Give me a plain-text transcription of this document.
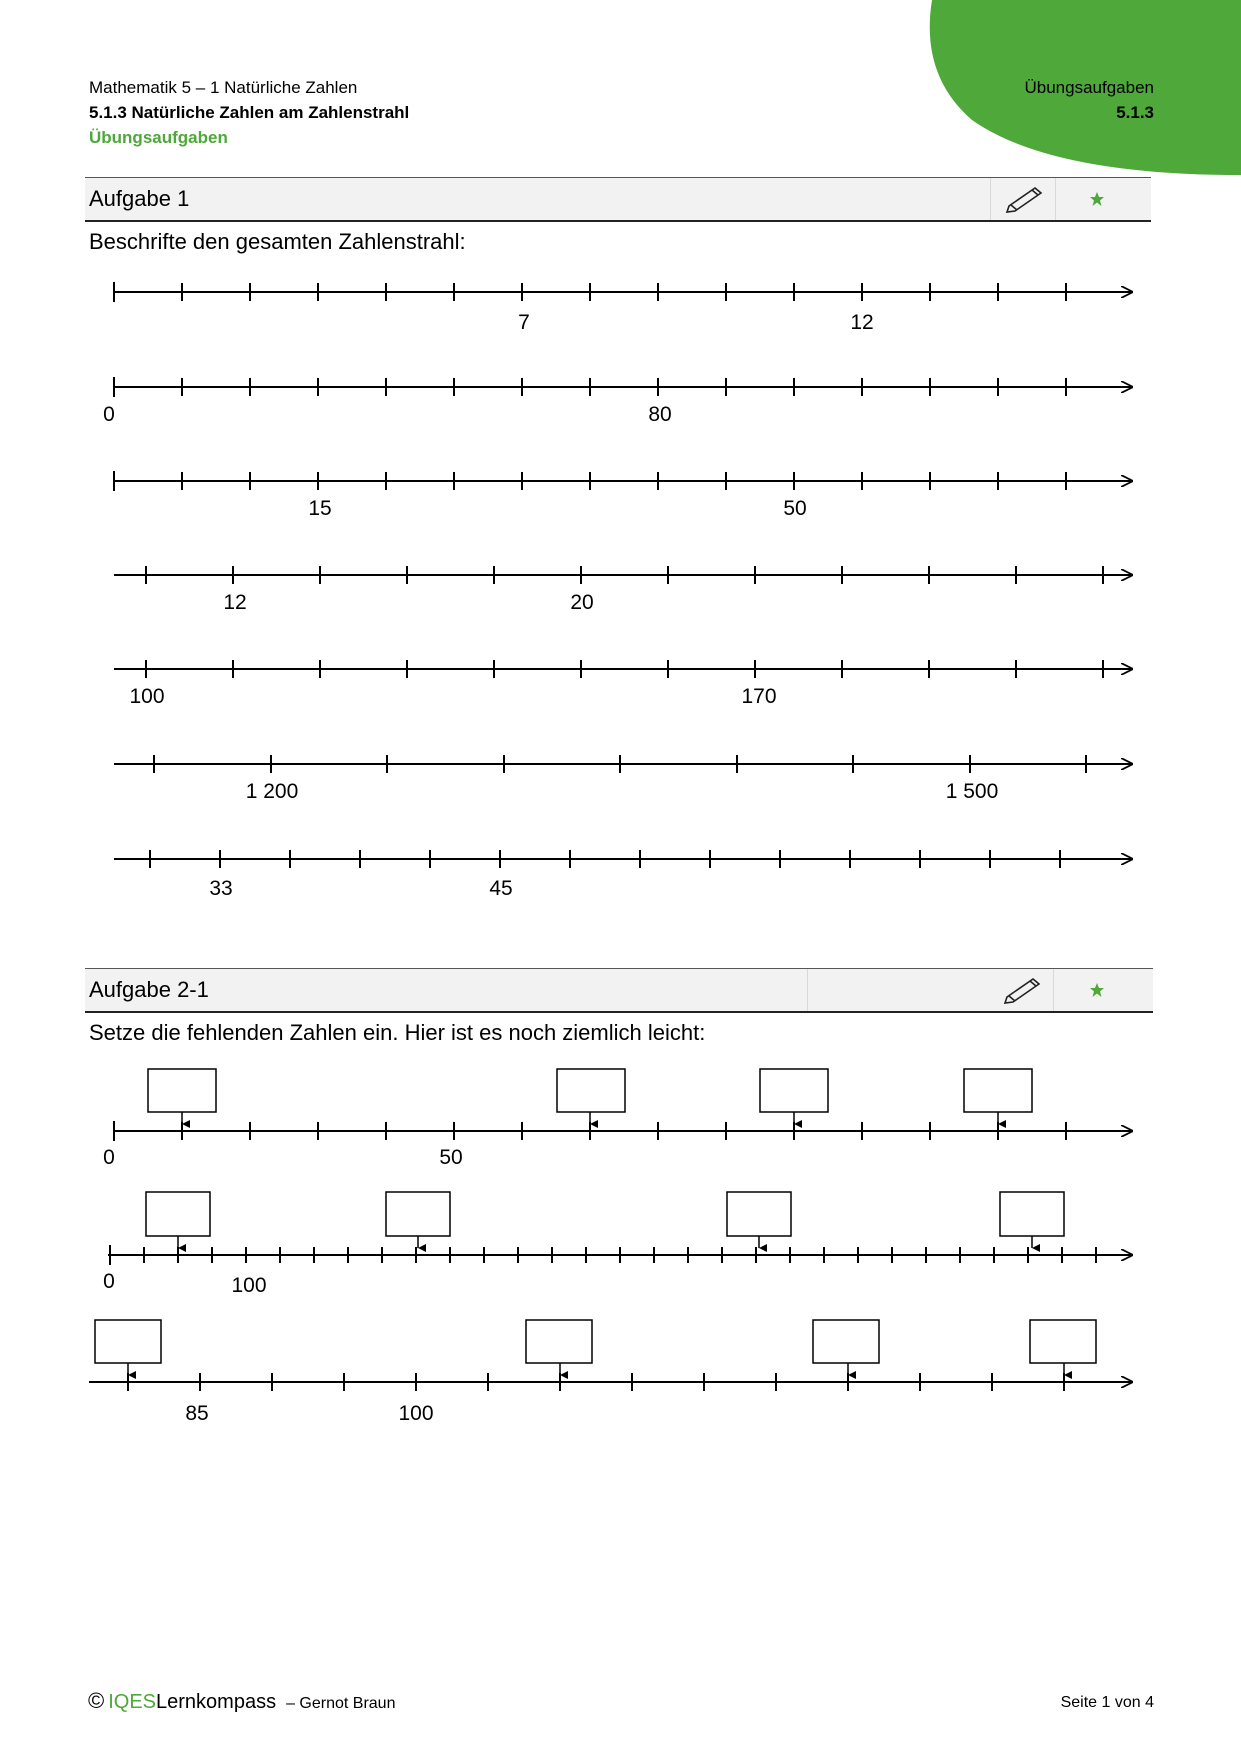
Mathematik 5 – 1 Natürliche Zahlen
5.1.3 Natürliche Zahlen am Zahlenstrahl
Übungsaufgaben
Übungsaufgaben
5.1.3
Aufgabe 1
Beschrifte den gesamten Zahlenstrahl:
7	12
0	80
15	50
12	20
100	170
1 200	1 500
33	45
0	50
0	100
85	100
Aufgabe 2-1
Setze die fehlenden Zahlen ein. Hier ist es noch ziemlich leicht:
© IQES Lernkompass – Gernot Braun	Seite 1 von 4
